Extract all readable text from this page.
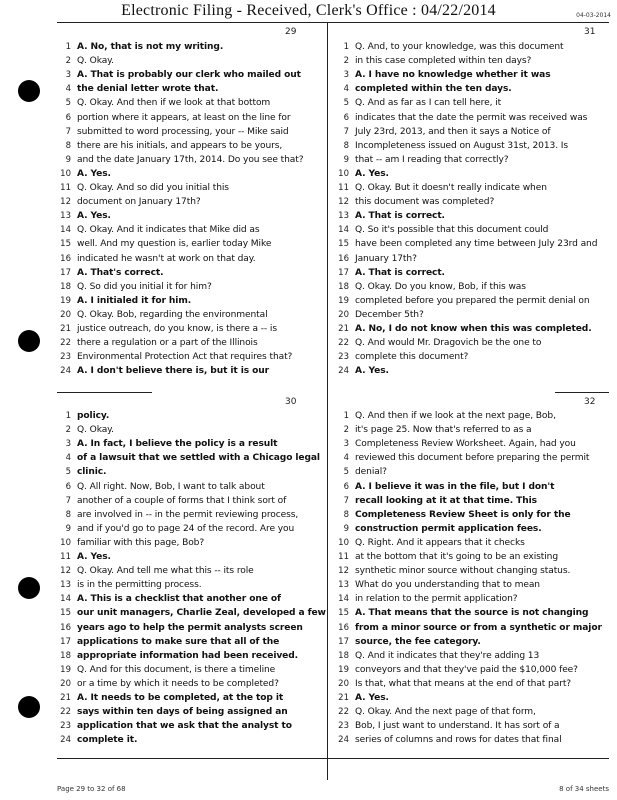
Electronic Filing - Received, Clerk's Office : 04/22/2014	04-03-2014
29	31
30	32
1 A. No, that is not my writing.
2 Q. Okay.
3 A. That is probably our clerk who mailed out
4 the denial letter wrote that.
5 Q. Okay. And then if we look at that bottom
6 portion where it appears, at least on the line for
7 submitted to word processing, your -- Mike said
8 there are his initials, and appears to be yours,
9 and the date January 17th, 2014. Do you see that?
10 A. Yes.
11 Q. Okay. And so did you initial this
12 document on January 17th?
13 A. Yes.
14 Q. Okay. And it indicates that Mike did as
15 well. And my question is, earlier today Mike
16 indicated he wasn't at work on that day.
17 A. That's correct.
18 Q. So did you initial it for him?
19 A. I initialed it for him.
20 Q. Okay. Bob, regarding the environmental
21 justice outreach, do you know, is there a -- is
22 there a regulation or a part of the Illinois
23 Environmental Protection Act that requires that?
24 A. I don't believe there is, but it is our
1 Q. And, to your knowledge, was this document
2 in this case completed within ten days?
3 A. I have no knowledge whether it was
4 completed within the ten days.
5 Q. And as far as I can tell here, it
6 indicates that the date the permit was received was
7 July 23rd, 2013, and then it says a Notice of
8 Incompleteness issued on August 31st, 2013. Is
9 that -- am I reading that correctly?
10 A. Yes.
11 Q. Okay. But it doesn't really indicate when
12 this document was completed?
13 A. That is correct.
14 Q. So it's possible that this document could
15 have been completed any time between July 23rd and
16 January 17th?
17 A. That is correct.
18 Q. Okay. Do you know, Bob, if this was
19 completed before you prepared the permit denial on
20 December 5th?
21 A. No, I do not know when this was completed.
22 Q. And would Mr. Dragovich be the one to
23 complete this document?
24 A. Yes.
1 policy.
2 Q. Okay.
3 A. In fact, I believe the policy is a result
4 of a lawsuit that we settled with a Chicago legal
5 clinic.
6 Q. All right. Now, Bob, I want to talk about
7 another of a couple of forms that I think sort of
8 are involved in -- in the permit reviewing process,
9 and if you'd go to page 24 of the record. Are you
10 familiar with this page, Bob?
11 A. Yes.
12 Q. Okay. And tell me what this -- its role
13 is in the permitting process.
14 A. This is a checklist that another one of
15 our unit managers, Charlie Zeal, developed a few
16 years ago to help the permit analysts screen
17 applications to make sure that all of the
18 appropriate information had been received.
19 Q. And for this document, is there a timeline
20 or a time by which it needs to be completed?
21 A. It needs to be completed, at the top it
22 says within ten days of being assigned an
23 application that we ask that the analyst to
24 complete it.
1 Q. And then if we look at the next page, Bob,
2 it's page 25. Now that's referred to as a
3 Completeness Review Worksheet. Again, had you
4 reviewed this document before preparing the permit
5 denial?
6 A. I believe it was in the file, but I don't
7 recall looking at it at that time. This
8 Completeness Review Sheet is only for the
9 construction permit application fees.
10 Q. Right. And it appears that it checks
11 at the bottom that it's going to be an existing
12 synthetic minor source without changing status.
13 What do you understanding that to mean
14 in relation to the permit application?
15 A. That means that the source is not changing
16 from a minor source or from a synthetic or major
17 source, the fee category.
18 Q. And it indicates that they're adding 13
19 conveyors and that they've paid the $10,000 fee?
20 Is that, what that means at the end of that part?
21 A. Yes.
22 Q. Okay. And the next page of that form,
23 Bob, I just want to understand. It has sort of a
24 series of columns and rows for dates that final
Page 29 to 32 of 68	8 of 34 sheets
